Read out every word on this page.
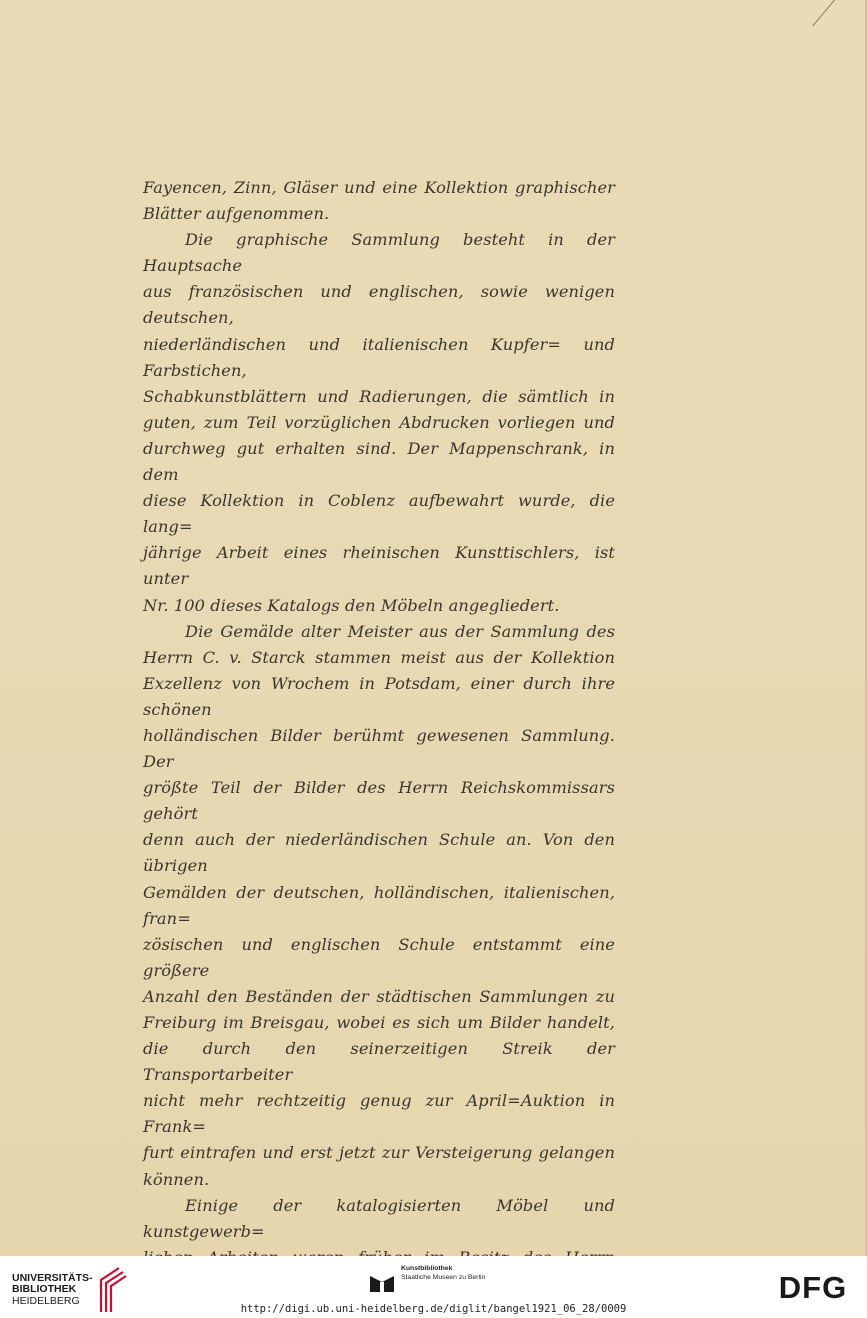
Fayencen, Zinn, Gläser und eine Kollektion graphischer
Blätter aufgenommen.
Die graphische Sammlung besteht in der Hauptsache
aus französischen und englischen, sowie wenigen deutschen,
niederländischen und italienischen Kupfer= und Farbstichen,
Schabkunstblättern und Radierungen, die sämtlich in
guten, zum Teil vorzüglichen Abdrucken vorliegen und
durchweg gut erhalten sind. Der Mappenschrank, in dem
diese Kollektion in Coblenz aufbewahrt wurde, die lang=
jährige Arbeit eines rheinischen Kunsttischlers, ist unter
Nr. 100 dieses Katalogs den Möbeln angegliedert.
Die Gemälde alter Meister aus der Sammlung des
Herrn C. v. Starck stammen meist aus der Kollektion
Exzellenz von Wrochem in Potsdam, einer durch ihre schönen
holländischen Bilder berühmt gewesenen Sammlung. Der
größte Teil der Bilder des Herrn Reichskommissars gehört
denn auch der niederländischen Schule an. Von den übrigen
Gemälden der deutschen, holländischen, italienischen, fran=
zösischen und englischen Schule entstammt eine größere
Anzahl den Beständen der städtischen Sammlungen zu
Freiburg im Breisgau, wobei es sich um Bilder handelt,
die durch den seinerzeitigen Streik der Transportarbeiter
nicht mehr rechtzeitig genug zur April=Auktion in Frank=
furt eintrafen und erst jetzt zur Versteigerung gelangen
können.
Einige der katalogisierten Möbel und kunstgewerb=
UNIVERSITÄTS-
BIBLIOTHEK
HEIDELBERG
Kunstbibliothek
Staatliche Museen zu Berlin	DFG
http://digi.ub.uni-heidelberg.de/diglit/bangel1921_06_28/0009
